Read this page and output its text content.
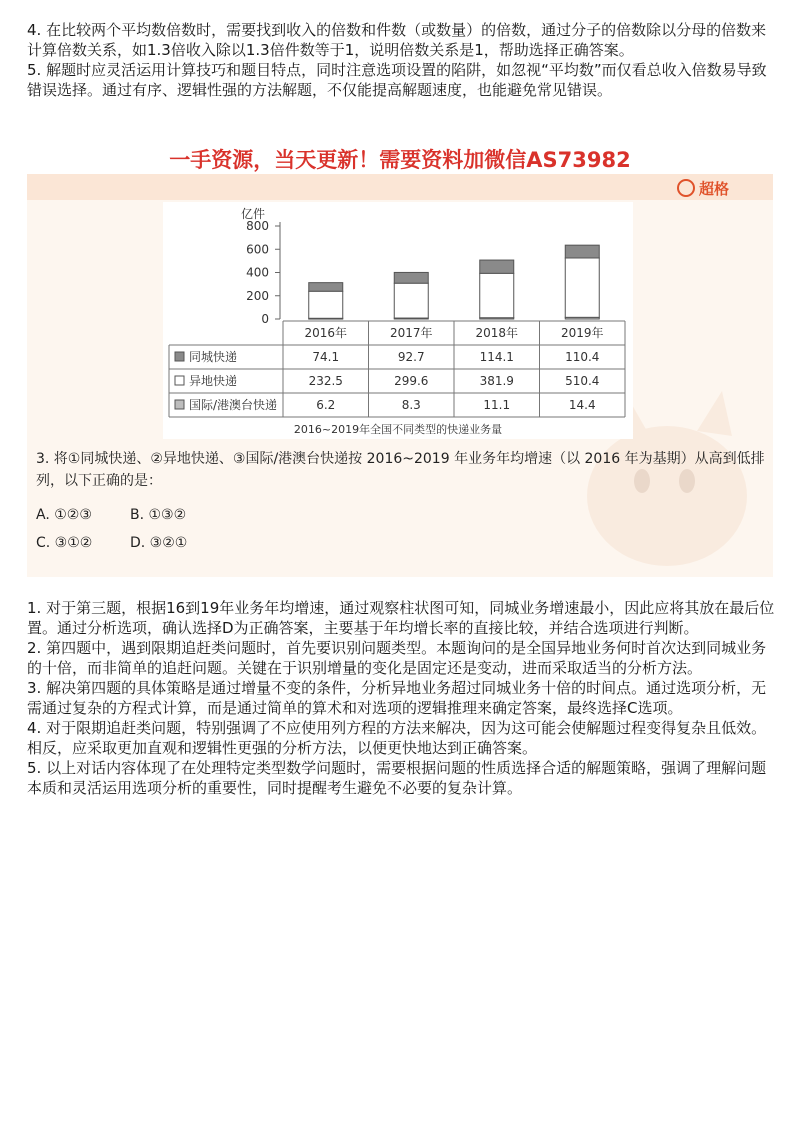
4. 在比较两个平均数倍数时，需要找到收入的倍数和件数（或数量）的倍数，通过分子的倍数除以分母的倍数来计算倍数关系，如1.3倍收入除以1.3倍件数等于1，说明倍数关系是1，帮助选择正确答案。
5. 解题时应灵活运用计算技巧和题目特点，同时注意选项设置的陷阱，如忽视“平均数”而仅看总收入倍数易导致错误选择。通过有序、逻辑性强的方法解题，不仅能提高解题速度，也能避免常见错误。
一手资源，当天更新！需要资料加微信AS73982
超格
亿件
0
200
400
600
800
2016年	2017年	2018年	2019年
同城快递	74.1	92.7	114.1	110.4
异地快递	232.5	299.6	381.9	510.4
国际/港澳台快递	6.2	8.3	11.1	14.4
2016~2019年全国不同类型的快递业务量

3. 将①同城快递、②异地快递、③国际/港澳台快递按 2016~2019 年业务年均增速（以 2016 年为基期）从高到低排列，以下正确的是：

A. ①②③	B. ①③②
C. ③①②	D. ③②①
1. 对于第三题，根据16到19年业务年均增速，通过观察柱状图可知，同城业务增速最小，因此应将其放在最后位置。通过分析选项，确认选择D为正确答案，主要基于年均增长率的直接比较，并结合选项进行判断。
2. 第四题中，遇到限期追赶类问题时，首先要识别问题类型。本题询问的是全国异地业务何时首次达到同城业务的十倍，而非简单的追赶问题。关键在于识别增量的变化是固定还是变动，进而采取适当的分析方法。
3. 解决第四题的具体策略是通过增量不变的条件，分析异地业务超过同城业务十倍的时间点。通过选项分析，无需通过复杂的方程式计算，而是通过简单的算术和对选项的逻辑推理来确定答案，最终选择C选项。
4. 对于限期追赶类问题，特别强调了不应使用列方程的方法来解决，因为这可能会使解题过程变得复杂且低效。相反，应采取更加直观和逻辑性更强的分析方法，以便更快地达到正确答案。
5. 以上对话内容体现了在处理特定类型数学问题时，需要根据问题的性质选择合适的解题策略，强调了理解问题本质和灵活运用选项分析的重要性，同时提醒考生避免不必要的复杂计算。
